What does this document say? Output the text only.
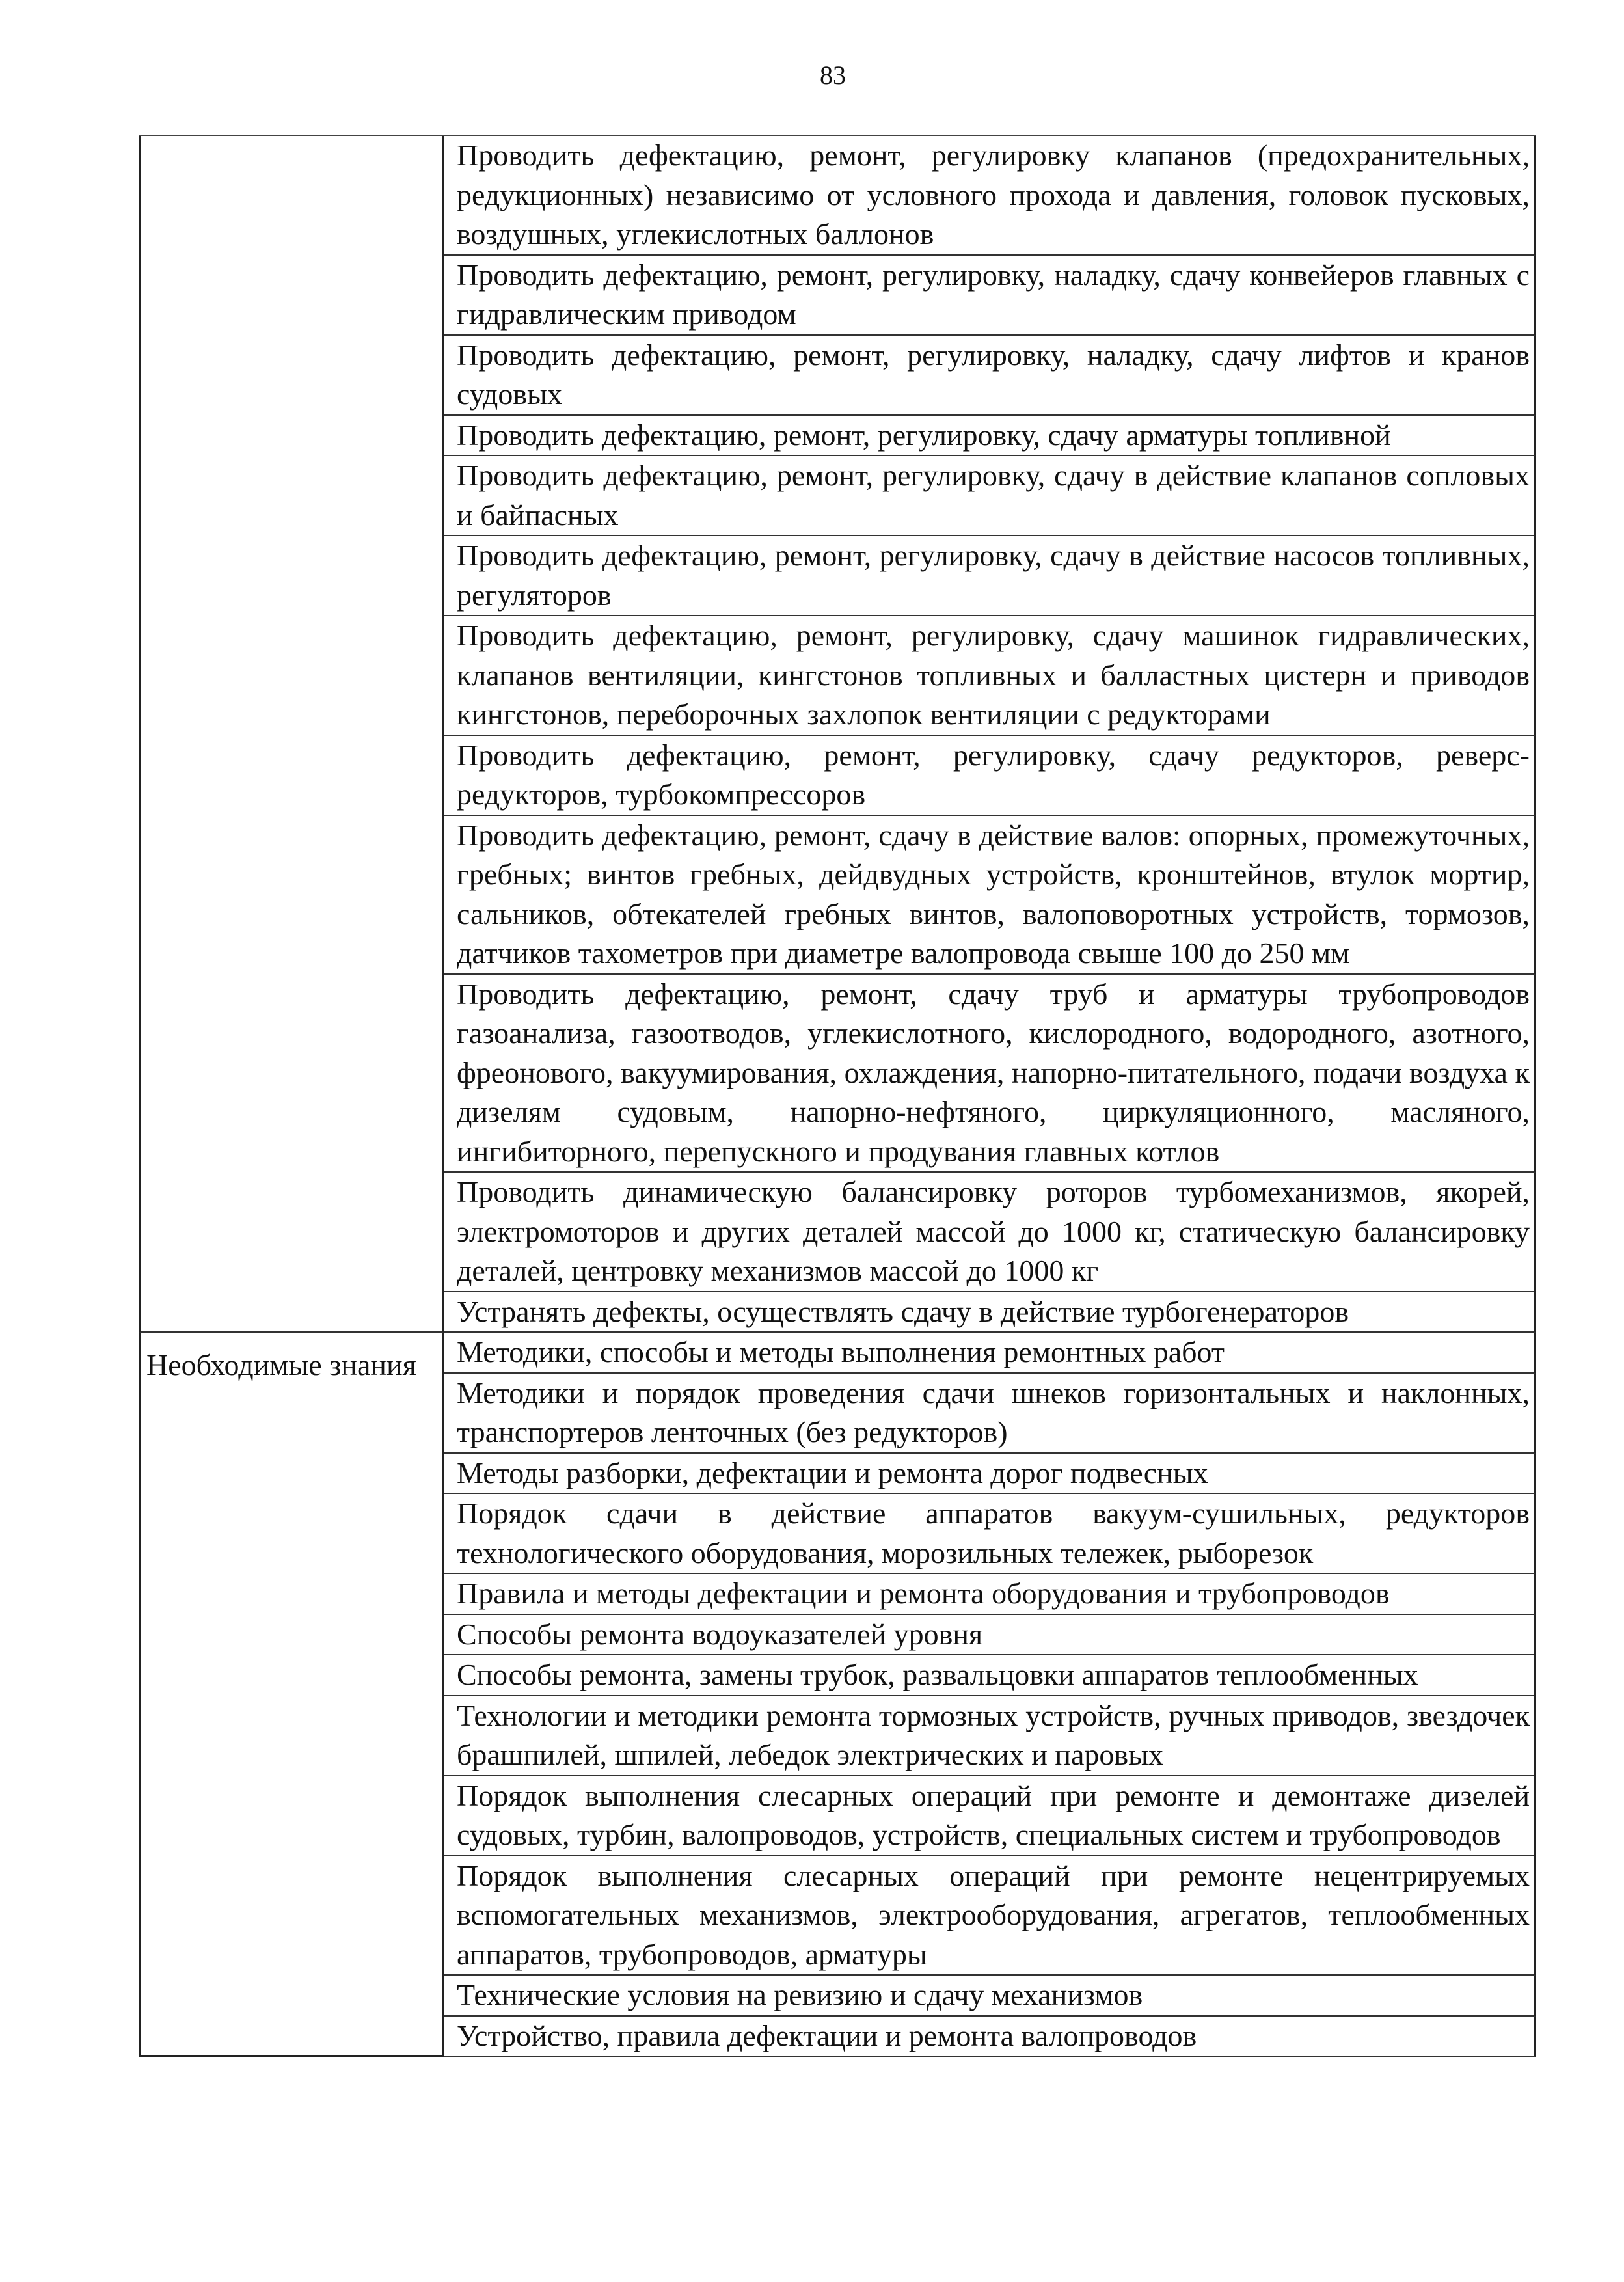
83
Проводить дефектацию, ремонт, регулировку клапанов (предохранительных, редукционных) независимо от условного прохода и давления, головок пусковых, воздушных, углекислотных баллонов
Проводить дефектацию, ремонт, регулировку, наладку, сдачу конвейеров главных с гидравлическим приводом
Проводить дефектацию, ремонт, регулировку, наладку, сдачу лифтов и кранов судовых
Проводить дефектацию, ремонт, регулировку, сдачу арматуры топливной
Проводить дефектацию, ремонт, регулировку, сдачу в действие клапанов сопловых и байпасных
Проводить дефектацию, ремонт, регулировку, сдачу в действие насосов топливных, регуляторов
Проводить дефектацию, ремонт, регулировку, сдачу машинок гидравлических, клапанов вентиляции, кингстонов топливных и балластных цистерн и приводов кингстонов, переборочных захлопок вентиляции с редукторами
Проводить дефектацию, ремонт, регулировку, сдачу редукторов, реверс-редукторов, турбокомпрессоров
Проводить дефектацию, ремонт, сдачу в действие валов: опорных, промежуточных, гребных; винтов гребных, дейдвудных устройств, кронштейнов, втулок мортир, сальников, обтекателей гребных винтов, валоповоротных устройств, тормозов, датчиков тахометров при диаметре валопровода свыше 100 до 250 мм
Проводить дефектацию, ремонт, сдачу труб и арматуры трубопроводов газоанализа, газоотводов, углекислотного, кислородного, водородного, азотного, фреонового, вакуумирования, охлаждения, напорно-питательного, подачи воздуха к дизелям судовым, напорно-нефтяного, циркуляционного, масляного, ингибиторного, перепускного и продувания главных котлов
Проводить динамическую балансировку роторов турбомеханизмов, якорей, электромоторов и других деталей массой до 1000 кг, статическую балансировку деталей, центровку механизмов массой до 1000 кг
Устранять дефекты, осуществлять сдачу в действие турбогенераторов
Необходимые знания	Методики, способы и методы выполнения ремонтных работ
Методики и порядок проведения сдачи шнеков горизонтальных и наклонных, транспортеров ленточных (без редукторов)
Методы разборки, дефектации и ремонта дорог подвесных
Порядок сдачи в действие аппаратов вакуум-сушильных, редукторов технологического оборудования, морозильных тележек, рыборезок
Правила и методы дефектации и ремонта оборудования и трубопроводов
Способы ремонта водоуказателей уровня
Способы ремонта, замены трубок, развальцовки аппаратов теплообменных
Технологии и методики ремонта тормозных устройств, ручных приводов, звездочек брашпилей, шпилей, лебедок электрических и паровых
Порядок выполнения слесарных операций при ремонте и демонтаже дизелей судовых, турбин, валопроводов, устройств, специальных систем и трубопроводов
Порядок выполнения слесарных операций при ремонте нецентрируемых вспомогательных механизмов, электрооборудования, агрегатов, теплообменных аппаратов, трубопроводов, арматуры
Технические условия на ревизию и сдачу механизмов
Устройство, правила дефектации и ремонта валопроводов
